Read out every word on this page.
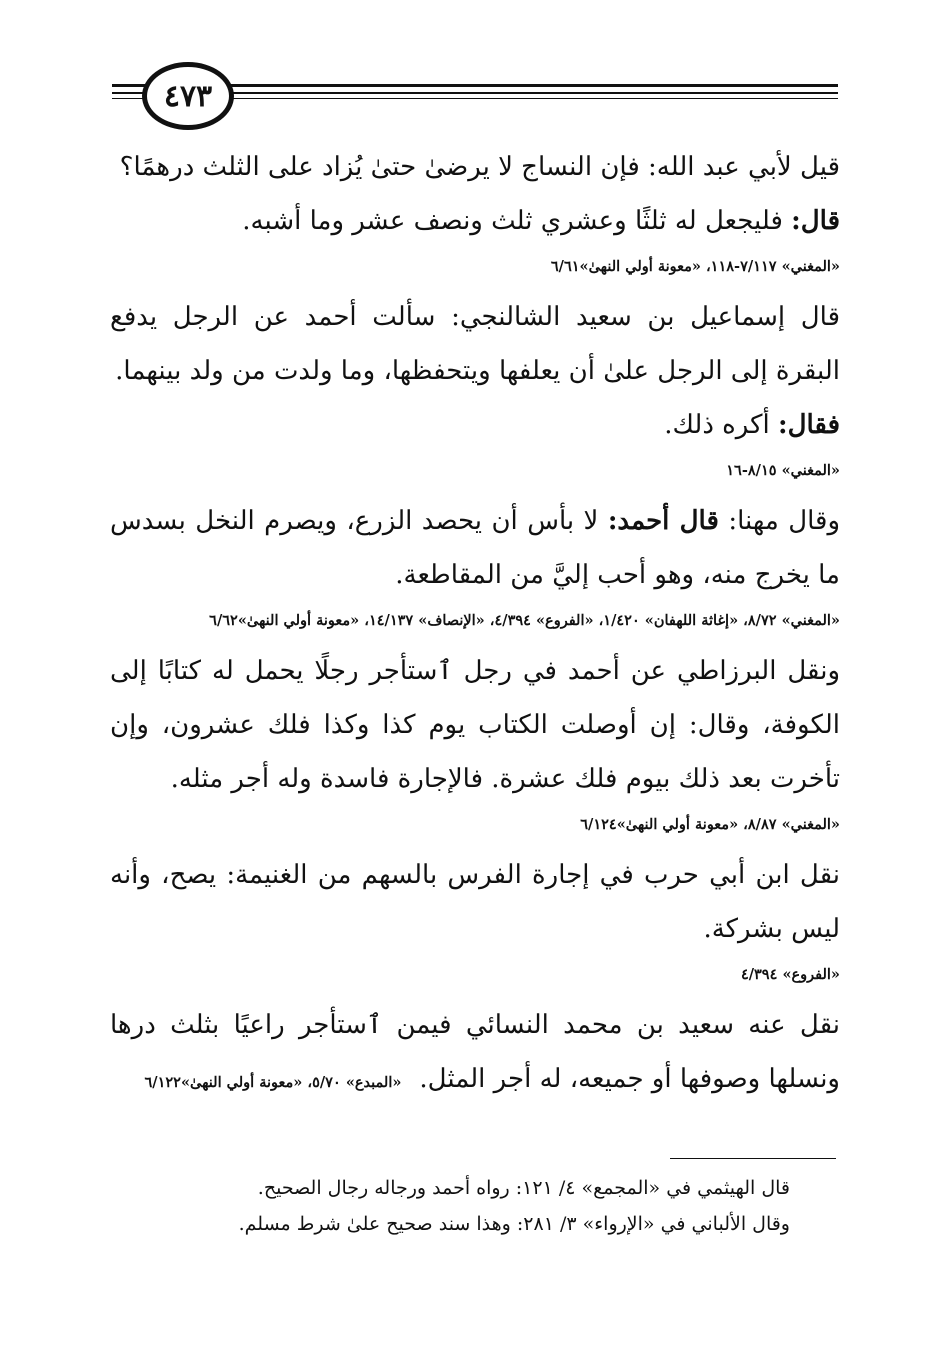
٤٧٣

قيل لأبي عبد الله: فإن النساج لا يرضىٰ حتىٰ يُزاد على الثلث درهمًا؟

قال: فليجعل له ثلثًا وعشري ثلث ونصف عشر وما أشبه.

«المغني» ٧/١١٧-١١٨، «معونة أولي النهىٰ»٦/٦١

قال إسماعيل بن سعيد الشالنجي: سألت أحمد عن الرجل يدفع البقرة إلى الرجل علىٰ أن يعلفها ويتحفظها، وما ولدت من ولد بينهما.

فقال: أكره ذلك.

«المغني» ٨/١٥-١٦

وقال مهنا: قال أحمد: لا بأس أن يحصد الزرع، ويصرم النخل بسدس ما يخرج منه، وهو أحب إليَّ من المقاطعة.

«المغني» ٨/٧٢، «إغاثة اللهفان» ١/٤٢٠، «الفروع» ٤/٣٩٤، «الإنصاف» ١٤/١٣٧، «معونة أولي النهىٰ»٦/٦٢

ونقل البرزاطي عن أحمد في رجل ٱستأجر رجلًا يحمل له كتابًا إلى الكوفة، وقال: إن أوصلت الكتاب يوم كذا وكذا فلك عشرون، وإن تأخرت بعد ذلك بيوم فلك عشرة. فالإجارة فاسدة وله أجر مثله.

«المغني» ٨/٨٧، «معونة أولي النهىٰ»٦/١٢٤

نقل ابن أبي حرب في إجارة الفرس بالسهم من الغنيمة: يصح، وأنه ليس بشركة.

«الفروع» ٤/٣٩٤

نقل عنه سعيد بن محمد النسائي فيمن ٱستأجر راعيًا بثلث درها ونسلها وصوفها أو جميعه، له أجر المثل.«المبدع» ٥/٧٠، «معونة أولي النهىٰ»٦/١٢٢

قال الهيثمي في «المجمع» ٤/ ١٢١: رواه أحمد ورجاله رجال الصحيح.
وقال الألباني في «الإرواء» ٣/ ٢٨١: وهذا سند صحيح علىٰ شرط مسلم.
